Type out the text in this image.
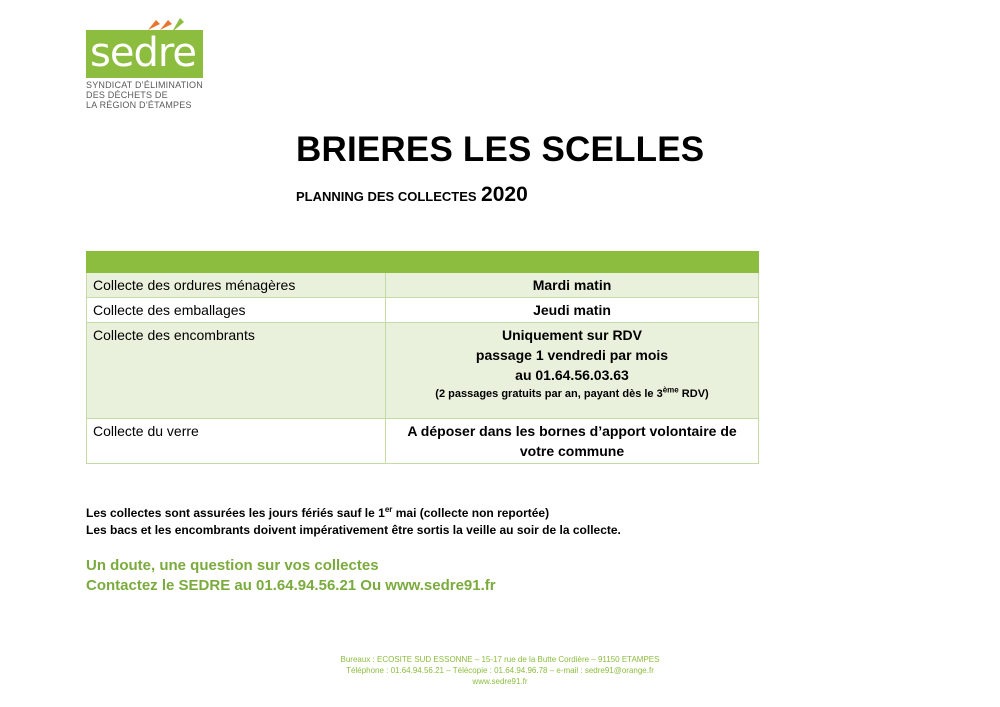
sedre
SYNDICAT D’ÉLIMINATION
DES DÉCHETS DE
LA RÉGION D’ÉTAMPES
BRIERES LES SCELLES
PLANNING DES COLLECTES 2020

Collecte des ordures ménagères	Mardi matin
Collecte des emballages	Jeudi matin
Collecte des encombrants	Uniquement sur RDV
passage 1 vendredi par mois
au 01.64.56.03.63
(2 passages gratuits par an, payant dès le 3ème RDV)

Collecte du verre	A déposer dans les bornes d’apport volontaire de
votre commune
Les collectes sont assurées les jours fériés sauf le 1er mai (collecte non reportée)
Les bacs et les encombrants doivent impérativement être sortis la veille au soir de la collecte.
Un doute, une question sur vos collectes
Contactez le SEDRE au 01.64.94.56.21 Ou www.sedre91.fr
Bureaux : ECOSITE SUD ESSONNE – 15-17 rue de la Butte Cordière – 91150 ETAMPES
Téléphone : 01.64.94.56.21 – Télécopie : 01.64.94.96.78 – e-mail : sedre91@orange.fr
www.sedre91.fr
